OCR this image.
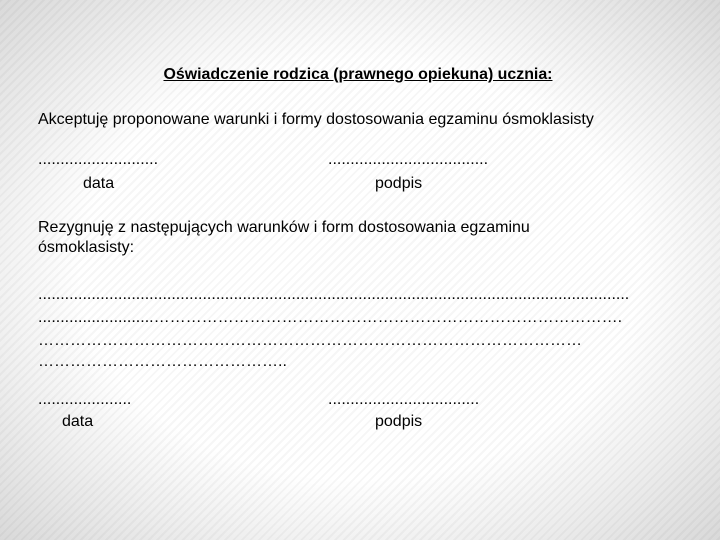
Oświadczenie rodzica (prawnego opiekuna) ucznia:
Akceptuję proponowane warunki i formy dostosowania egzaminu ósmoklasisty
...........................
data
....................................
podpis
Rezygnuję z następujących warunków i form dostosowania egzaminu
ósmoklasisty:
.....................................................................................................................................
..........................…………………………………………………………………………….
…………………………………………………………………………………………
………………………………………..
.....................
data
..................................
podpis
